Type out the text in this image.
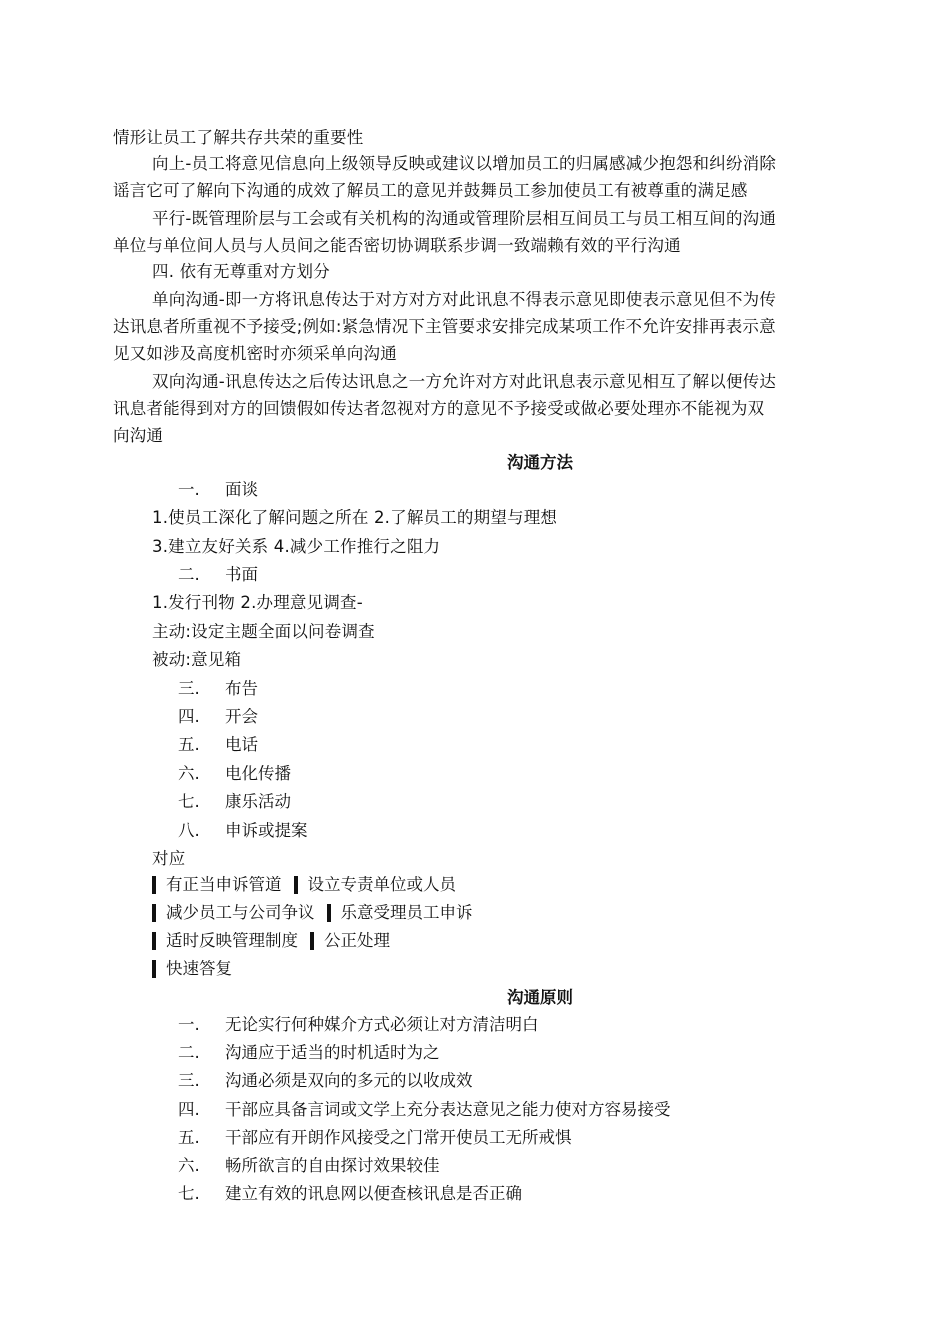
情形让员工了解共存共荣的重要性
向上-员工将意见信息向上级领导反映或建议以增加员工的归属感减少抱怨和纠纷消除
谣言它可了解向下沟通的成效了解员工的意见并鼓舞员工参加使员工有被尊重的满足感
平行-既管理阶层与工会或有关机构的沟通或管理阶层相互间员工与员工相互间的沟通
单位与单位间人员与人员间之能否密切协调联系步调一致端赖有效的平行沟通
四. 依有无尊重对方划分
单向沟通-即一方将讯息传达于对方对方对此讯息不得表示意见即使表示意见但不为传
达讯息者所重视不予接受;例如:紧急情况下主管要求安排完成某项工作不允许安排再表示意
见又如涉及高度机密时亦须采单向沟通
双向沟通-讯息传达之后传达讯息之一方允许对方对此讯息表示意见相互了解以便传达
讯息者能得到对方的回馈假如传达者忽视对方的意见不予接受或做必要处理亦不能视为双
向沟通
沟通方法
一. 面谈
1.使员工深化了解问题之所在 2.了解员工的期望与理想
3.建立友好关系 4.减少工作推行之阻力
二. 书面
1.发行刊物 2.办理意见调查-
主动:设定主题全面以问卷调查
被动:意见箱
三. 布告
四. 开会
五. 电话
六. 电化传播
七. 康乐活动
八. 申诉或提案
对应
有正当申诉管道 设立专责单位或人员
减少员工与公司争议 乐意受理员工申诉
适时反映管理制度 公正处理
快速答复
沟通原则
一. 无论实行何种媒介方式必须让对方清洁明白
二. 沟通应于适当的时机适时为之
三. 沟通必须是双向的多元的以收成效
四. 干部应具备言词或文学上充分表达意见之能力使对方容易接受
五. 干部应有开朗作风接受之门常开使员工无所戒惧
六. 畅所欲言的自由探讨效果较佳
七. 建立有效的讯息网以便查核讯息是否正确
